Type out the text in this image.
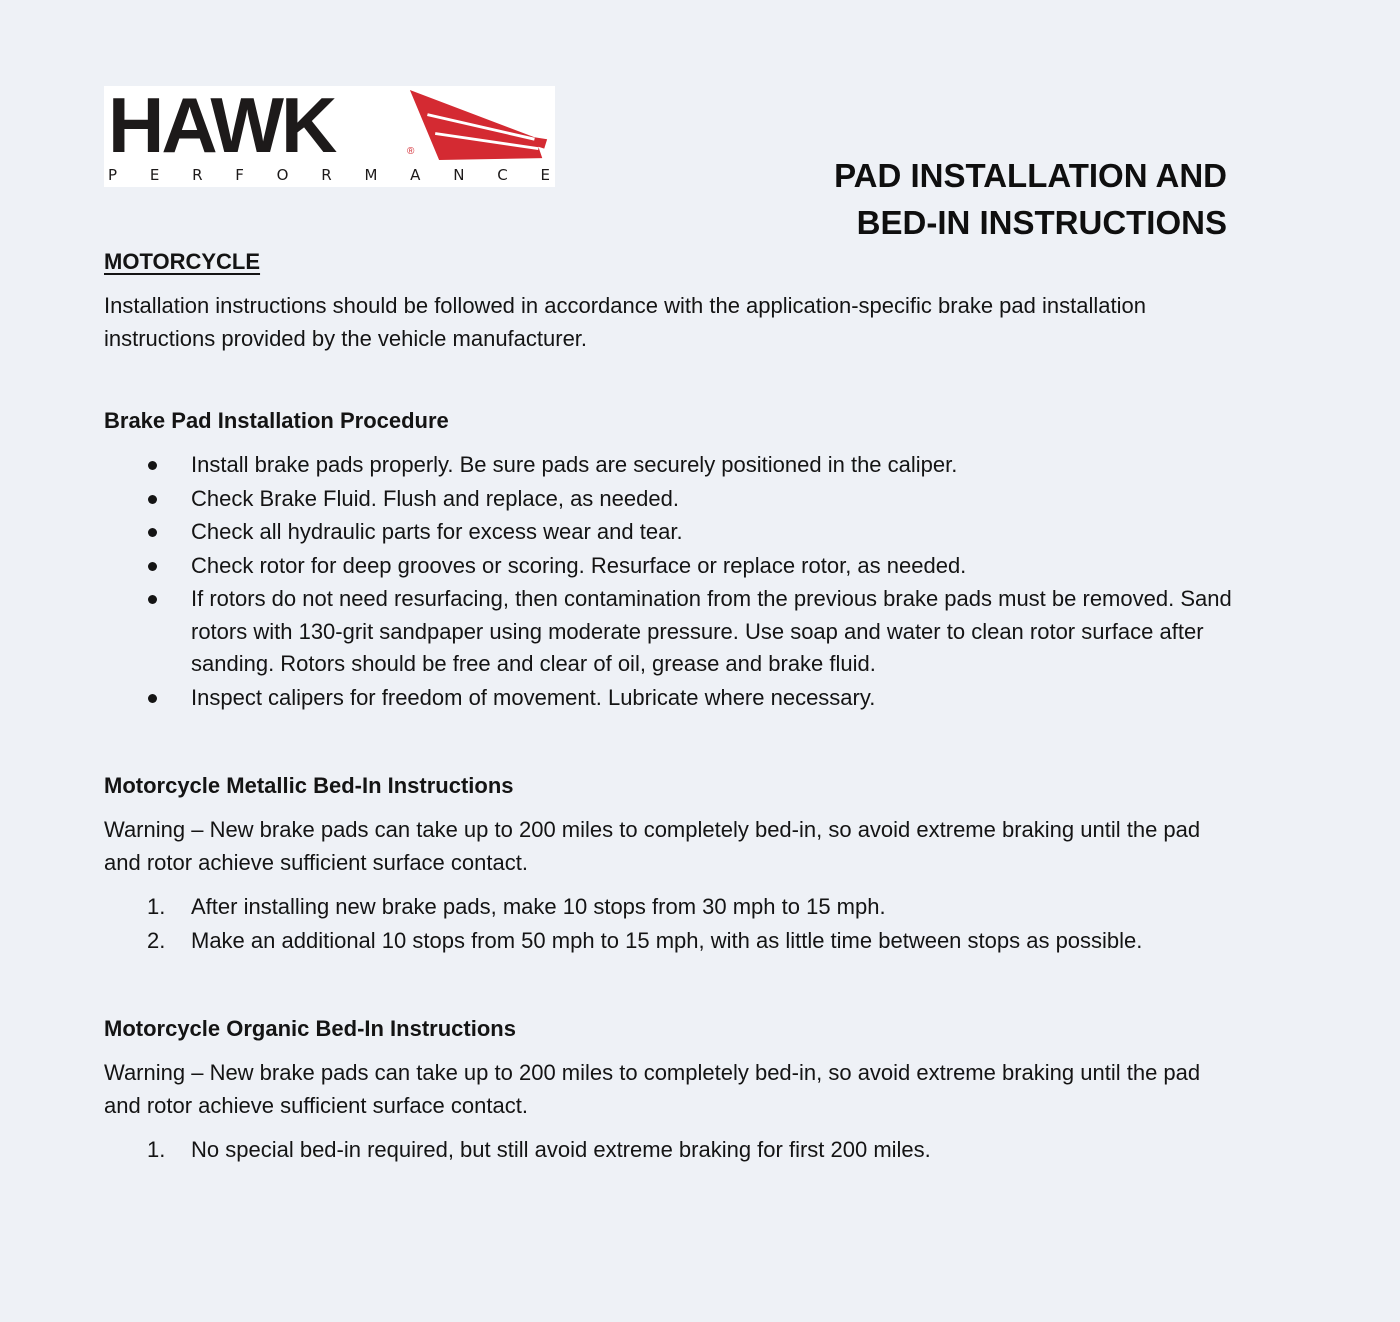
HAWK	®
P E R F O R M A N C E	PAD INSTALLATION AND
BED-IN INSTRUCTIONS

MOTORCYCLE

Installation instructions should be followed in accordance with the application-specific brake pad installation instructions provided by the vehicle manufacturer.

Brake Pad Installation Procedure

Install brake pads properly. Be sure pads are securely positioned in the caliper.
Check Brake Fluid. Flush and replace, as needed.
Check all hydraulic parts for excess wear and tear.
Check rotor for deep grooves or scoring. Resurface or replace rotor, as needed.
If rotors do not need resurfacing, then contamination from the previous brake pads must be removed. Sand rotors with 130-grit sandpaper using moderate pressure. Use soap and water to clean rotor surface after sanding. Rotors should be free and clear of oil, grease and brake fluid.
Inspect calipers for freedom of movement. Lubricate where necessary.

Motorcycle Metallic Bed-In Instructions

Warning – New brake pads can take up to 200 miles to completely bed-in, so avoid extreme braking until the pad and rotor achieve sufficient surface contact.

1. After installing new brake pads, make 10 stops from 30 mph to 15 mph.
2. Make an additional 10 stops from 50 mph to 15 mph, with as little time between stops as possible.

Motorcycle Organic Bed-In Instructions

Warning – New brake pads can take up to 200 miles to completely bed-in, so avoid extreme braking until the pad and rotor achieve sufficient surface contact.

1. No special bed-in required, but still avoid extreme braking for first 200 miles.
